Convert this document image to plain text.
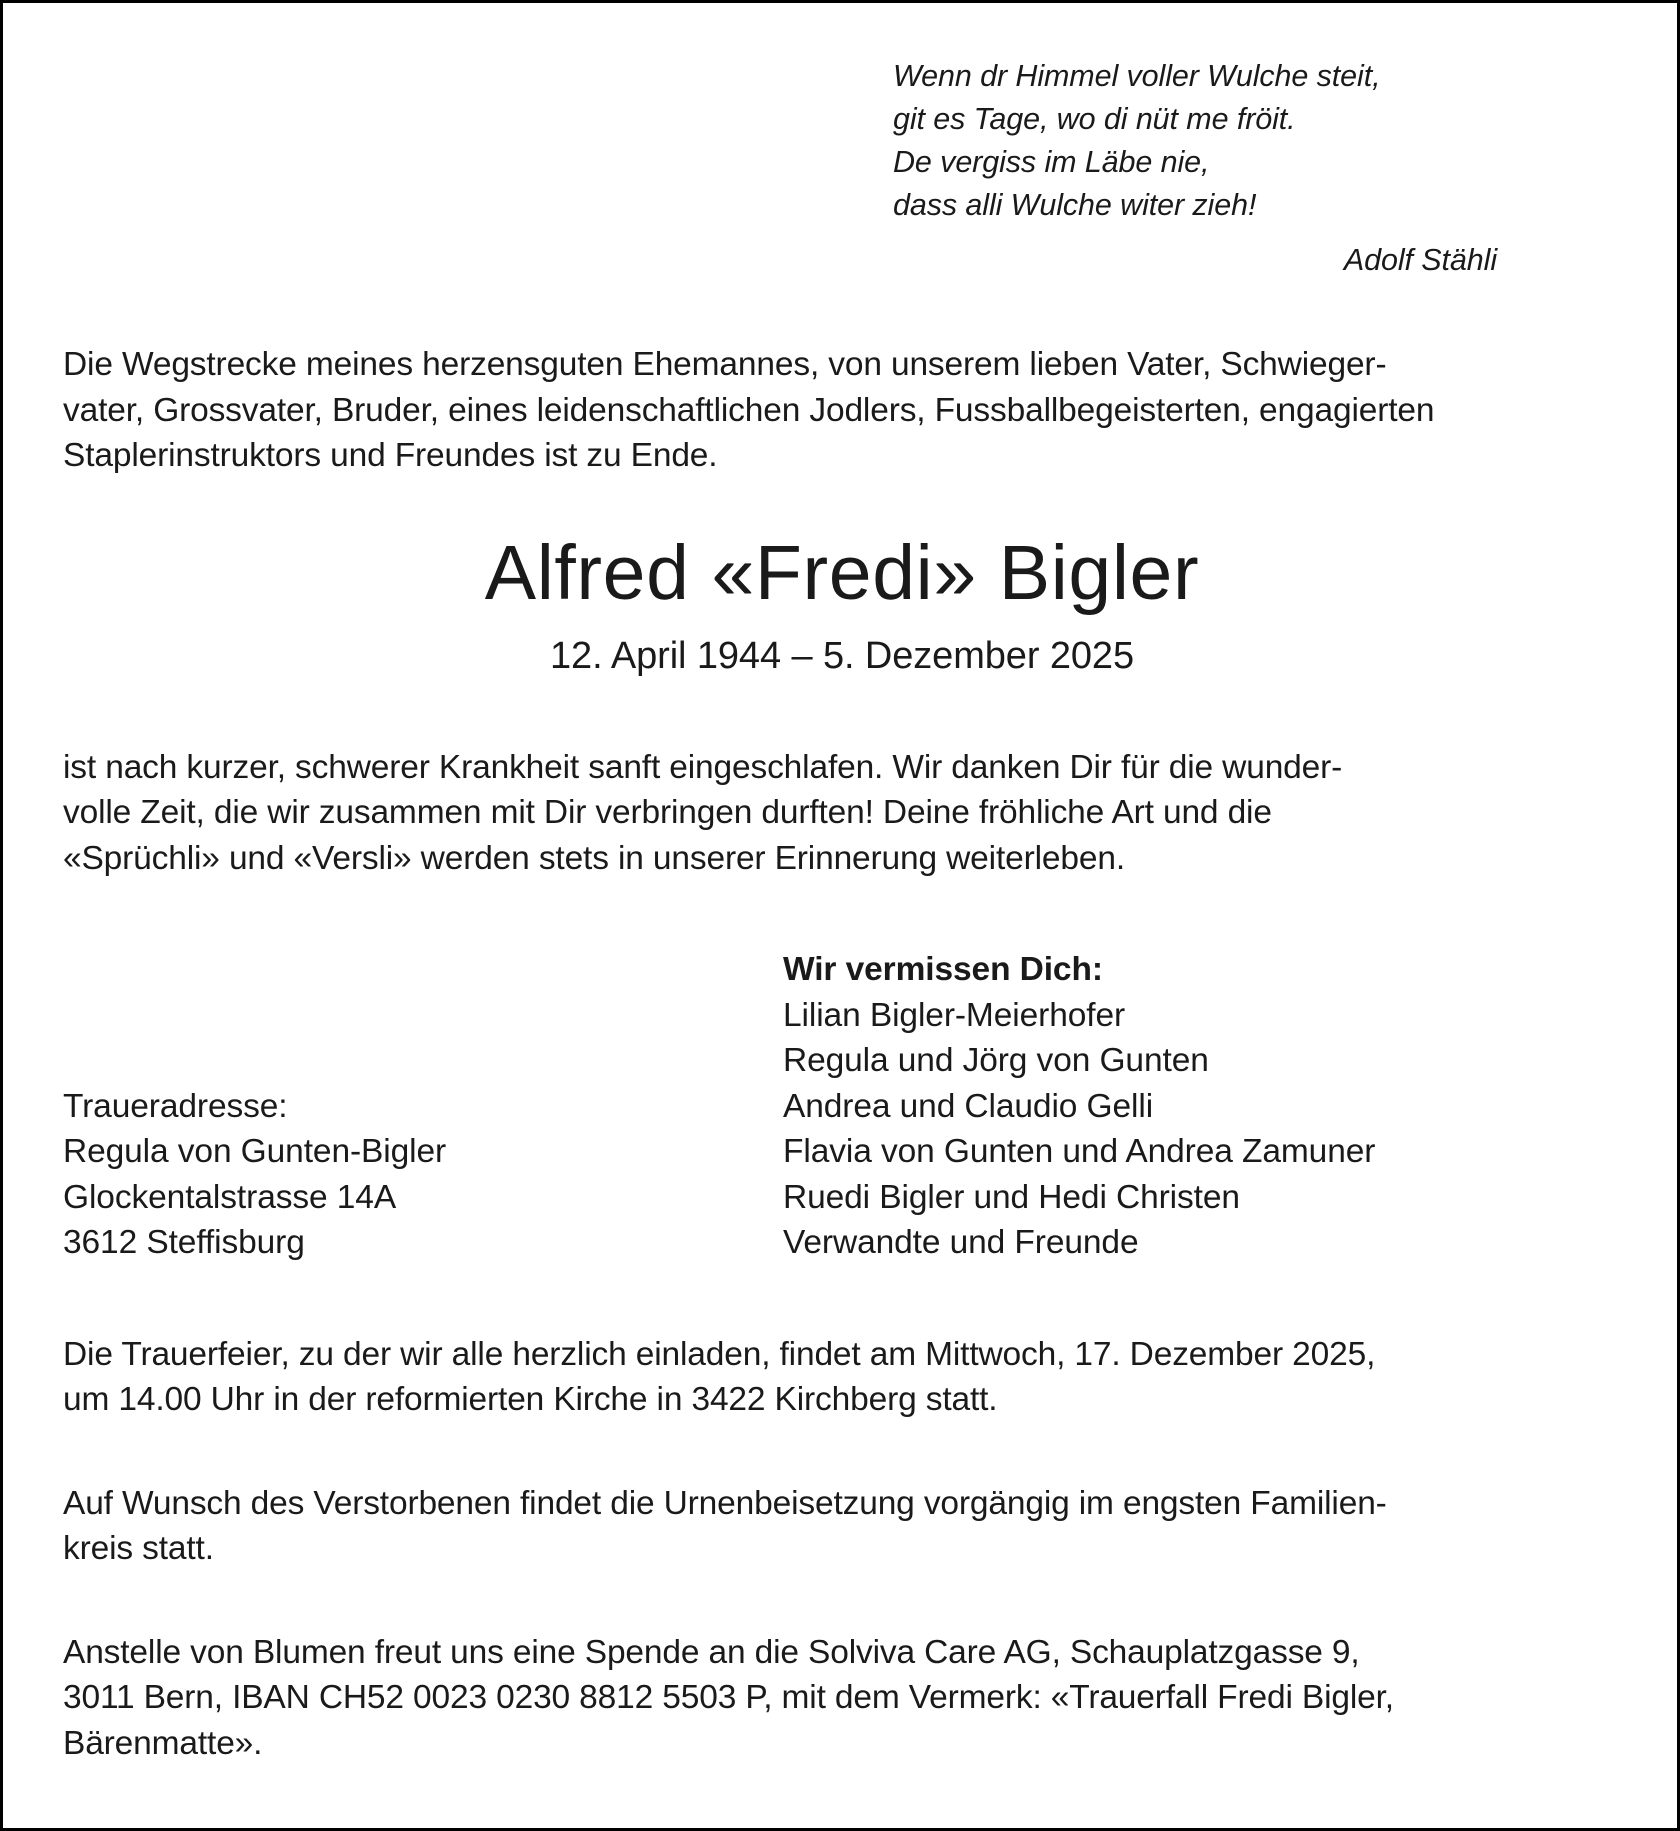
Wenn dr Himmel voller Wulche steit,
git es Tage, wo di nüt me fröit.
De vergiss im Läbe nie,
dass alli Wulche witer zieh!
Adolf Stähli
Die Wegstrecke meines herzensguten Ehemannes, von unserem lieben Vater, Schwieger-
vater, Grossvater, Bruder, eines leidenschaftlichen Jodlers, Fussballbegeisterten, engagierten
Staplerinstruktors und Freundes ist zu Ende.
Alfred «Fredi» Bigler
12. April 1944 – 5. Dezember 2025
ist nach kurzer, schwerer Krankheit sanft eingeschlafen. Wir danken Dir für die wunder-
volle Zeit, die wir zusammen mit Dir verbringen durften! Deine fröhliche Art und die
«Sprüchli» und «Versli» werden stets in unserer Erinnerung weiterleben.
Traueradresse:
Regula von Gunten-Bigler
Glockentalstrasse 14A
3612 Steffisburg
Wir vermissen Dich:
Lilian Bigler-Meierhofer
Regula und Jörg von Gunten
Andrea und Claudio Gelli
Flavia von Gunten und Andrea Zamuner
Ruedi Bigler und Hedi Christen
Verwandte und Freunde
Die Trauerfeier, zu der wir alle herzlich einladen, findet am Mittwoch, 17. Dezember 2025,
um 14.00 Uhr in der reformierten Kirche in 3422 Kirchberg statt.
Auf Wunsch des Verstorbenen findet die Urnenbeisetzung vorgängig im engsten Familien-
kreis statt.
Anstelle von Blumen freut uns eine Spende an die Solviva Care AG, Schauplatzgasse 9,
3011 Bern, IBAN CH52 0023 0230 8812 5503 P, mit dem Vermerk: «Trauerfall Fredi Bigler,
Bärenmatte».
